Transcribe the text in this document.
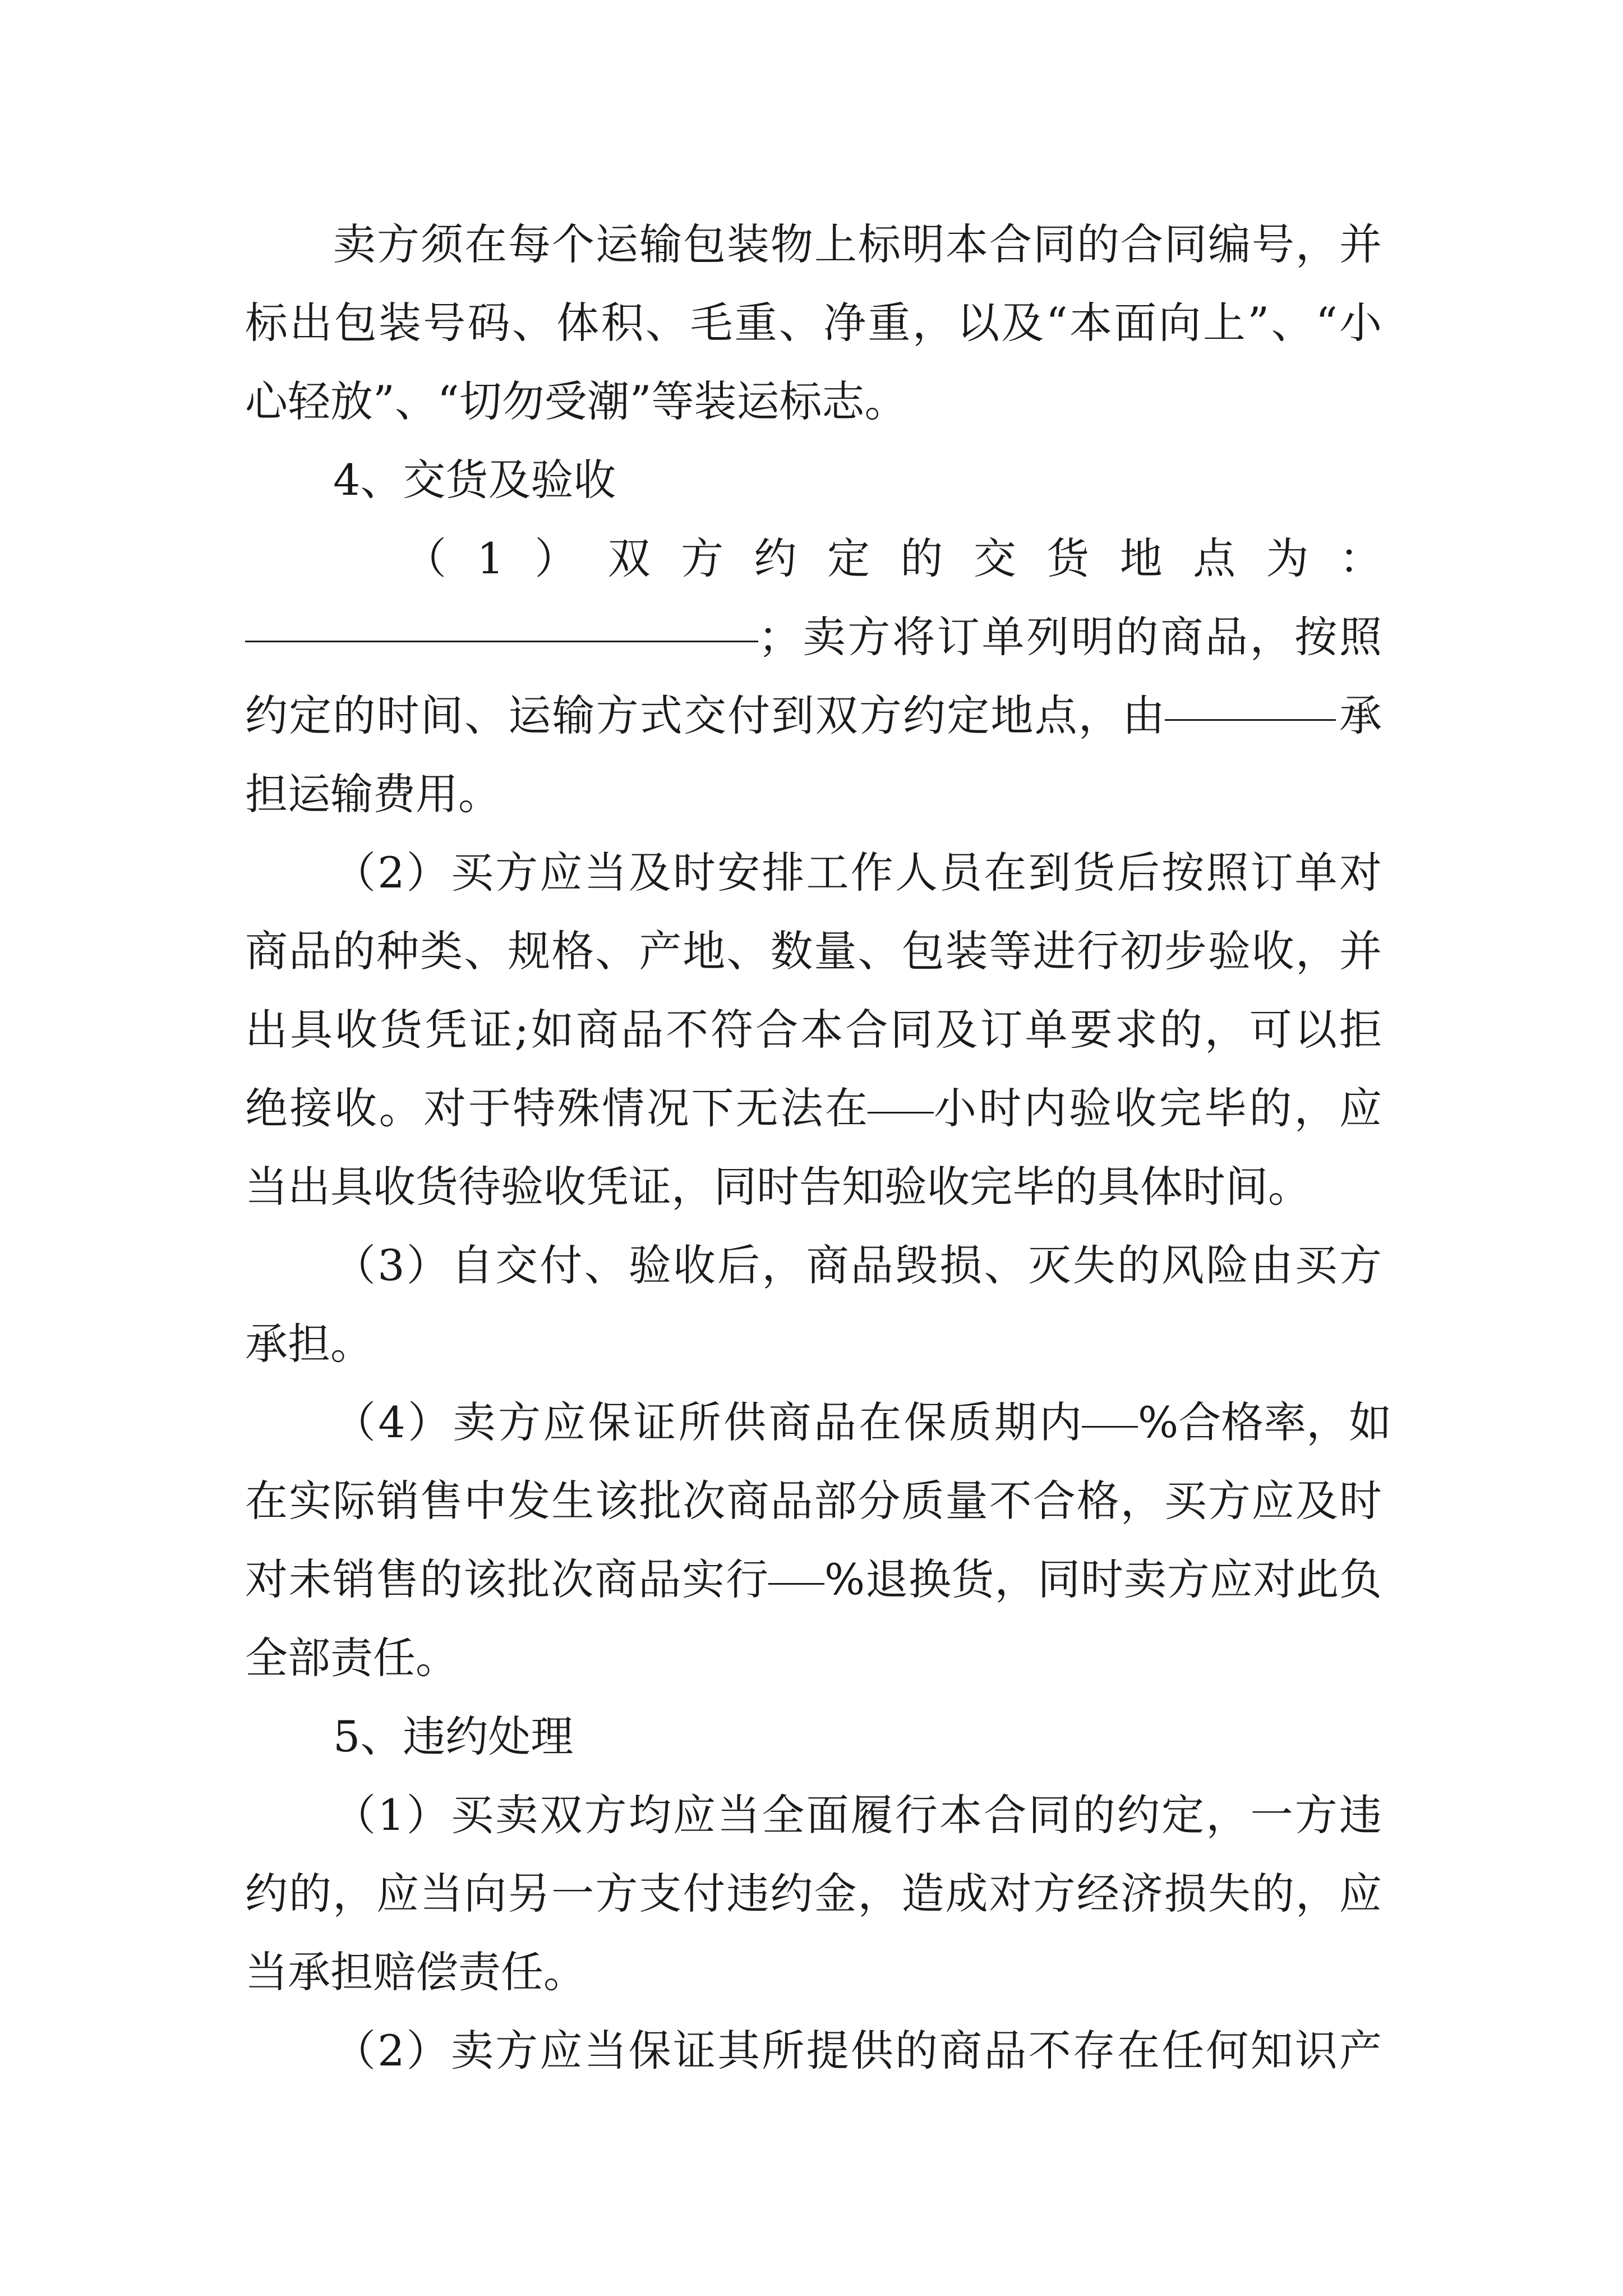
卖方须在每个运输包装物上标明本合同的合同编号，并
标出包装号码、体积、毛重、净重，以及“本面向上”、“小
心轻放”、“切勿受潮”等装运标志。
4、交货及验收
（1）双方约定的交货地点为：
；卖方将订单列明的商品，按照
约定的时间、运输方式交付到双方约定地点，由	承
担运输费用。
（2）买方应当及时安排工作人员在到货后按照订单对
商品的种类、规格、产地、数量、包装等进行初步验收，并
出具收货凭证;如商品不符合本合同及订单要求的，可以拒
绝接收。对于特殊情况下无法在 小时内验收完毕的，应
当出具收货待验收凭证，同时告知验收完毕的具体时间。
（3）自交付、验收后，商品毁损、灭失的风险由买方
承担。
（4）卖方应保证所供商品在保质期内 %合格率，如
在实际销售中发生该批次商品部分质量不合格，买方应及时
对未销售的该批次商品实行 %退换货，同时卖方应对此负
全部责任。
5、违约处理
（1）买卖双方均应当全面履行本合同的约定，一方违
约的，应当向另一方支付违约金，造成对方经济损失的，应
当承担赔偿责任。
（2）卖方应当保证其所提供的商品不存在任何知识产
